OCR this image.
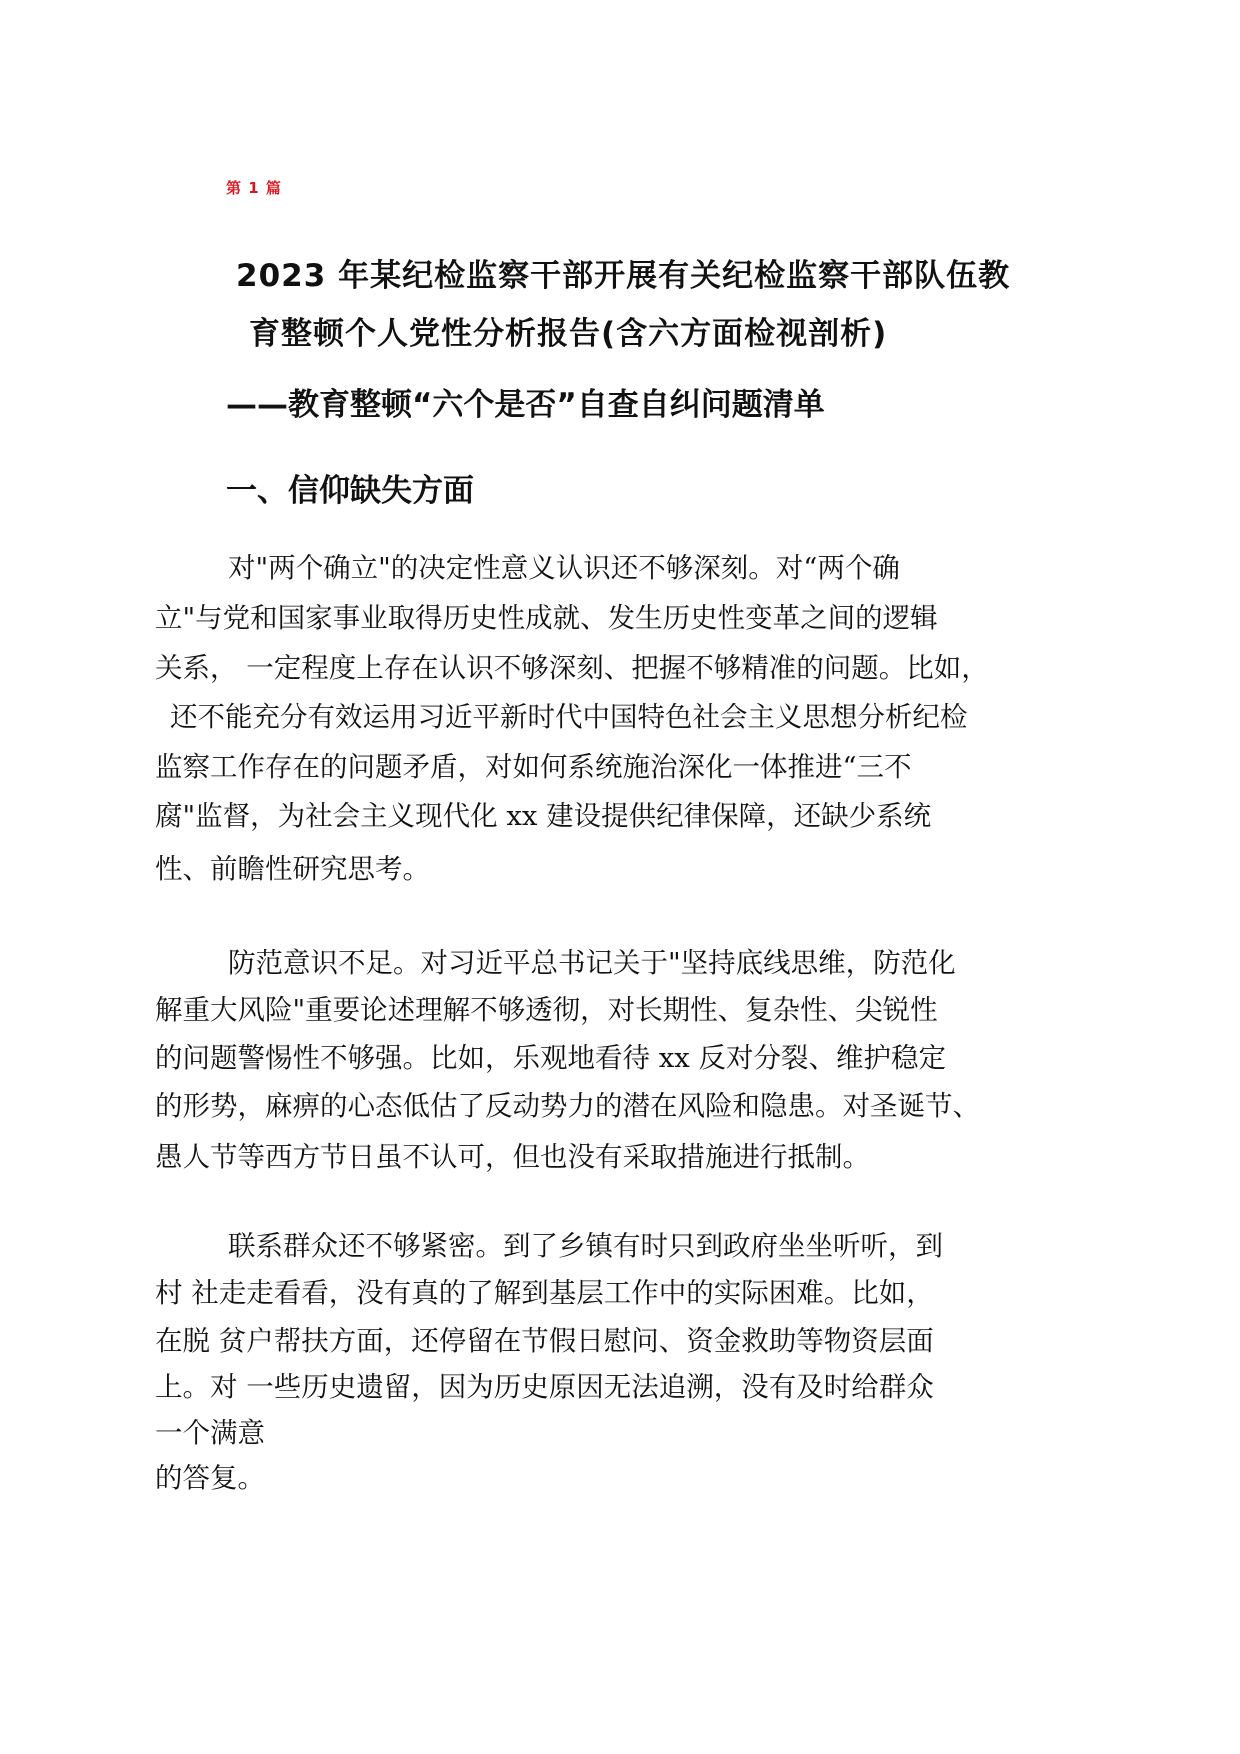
第 1 篇
2023 年某纪检监察干部开展有关纪检监察干部队伍教
育整顿个人党性分析报告(含六方面检视剖析)
——教育整顿“六个是否”自查自纠问题清单
一、信仰缺失方面
对"两个确立"的决定性意义认识还不够深刻。对“两个确
立"与党和国家事业取得历史性成就、发生历史性变革之间的逻辑
关系， 一定程度上存在认识不够深刻、把握不够精准的问题。比如，
还不能充分有效运用习近平新时代中国特色社会主义思想分析纪检
监察工作存在的问题矛盾，对如何系统施治深化一体推进“三不
腐"监督，为社会主义现代化 xx 建设提供纪律保障，还缺少系统
性、前瞻性研究思考。
防范意识不足。对习近平总书记关于"坚持底线思维，防范化
解重大风险"重要论述理解不够透彻，对长期性、复杂性、尖锐性
的问题警惕性不够强。比如，乐观地看待 xx 反对分裂、维护稳定
的形势，麻痹的心态低估了反动势力的潜在风险和隐患。对圣诞节、
愚人节等西方节日虽不认可，但也没有采取措施进行抵制。
联系群众还不够紧密。到了乡镇有时只到政府坐坐听听，到
村 社走走看看，没有真的了解到基层工作中的实际困难。比如，
在脱 贫户帮扶方面，还停留在节假日慰问、资金救助等物资层面
上。对 一些历史遗留，因为历史原因无法追溯，没有及时给群众
一个满意
的答复。
